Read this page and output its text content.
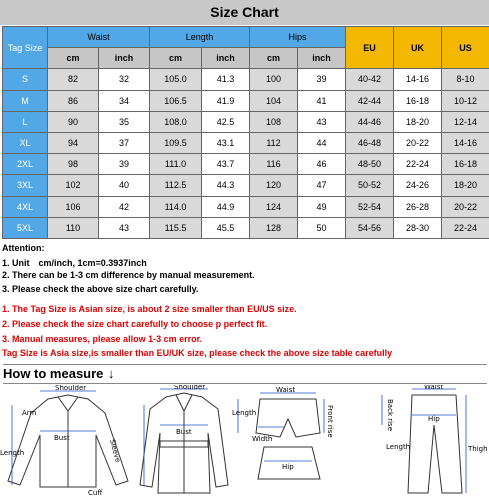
Size Chart
Tag Size	Waist		Length		Hips		EU	UK	US
	cm	inch	cm	inch	cm	inch			
S	82	32	105.0	41.3	100	39	40-42	14-16	8-10
M	86	34	106.5	41.9	104	41	42-44	16-18	10-12
L	90	35	108.0	42.5	108	43	44-46	18-20	12-14
XL	94	37	109.5	43.1	112	44	46-48	20-22	14-16
2XL	98	39	111.0	43.7	116	46	48-50	22-24	16-18
3XL	102	40	112.5	44.3	120	47	50-52	24-26	18-20
4XL	106	42	114.0	44.9	124	49	52-54	26-28	20-22
5XL	110	43	115.5	45.5	128	50	54-56	28-30	22-24
Attention:
1. Unit　cm/inch, 1cm=0.3937inch
2. There can be 1-3 cm difference by manual measurement.
3. Please check the above size chart carefully.
1. The Tag Size is Asian size, is about 2 size smaller than EU/US size.
2. Please check the size chart carefully to choose p perfect fit.
3. Manual measures, please allow 1-3 cm error.
Tag Size is Asia size,is smaller than EU/UK size, please check the above size table carefully
How to measure ↓
Shoulder
Arm
Bust
Length	Sleeve
Cuff
Shoulder
Bust
Waist
Width
Front rise
Hip
Length
Waist
Hip
Thigh
Length
Back rise
